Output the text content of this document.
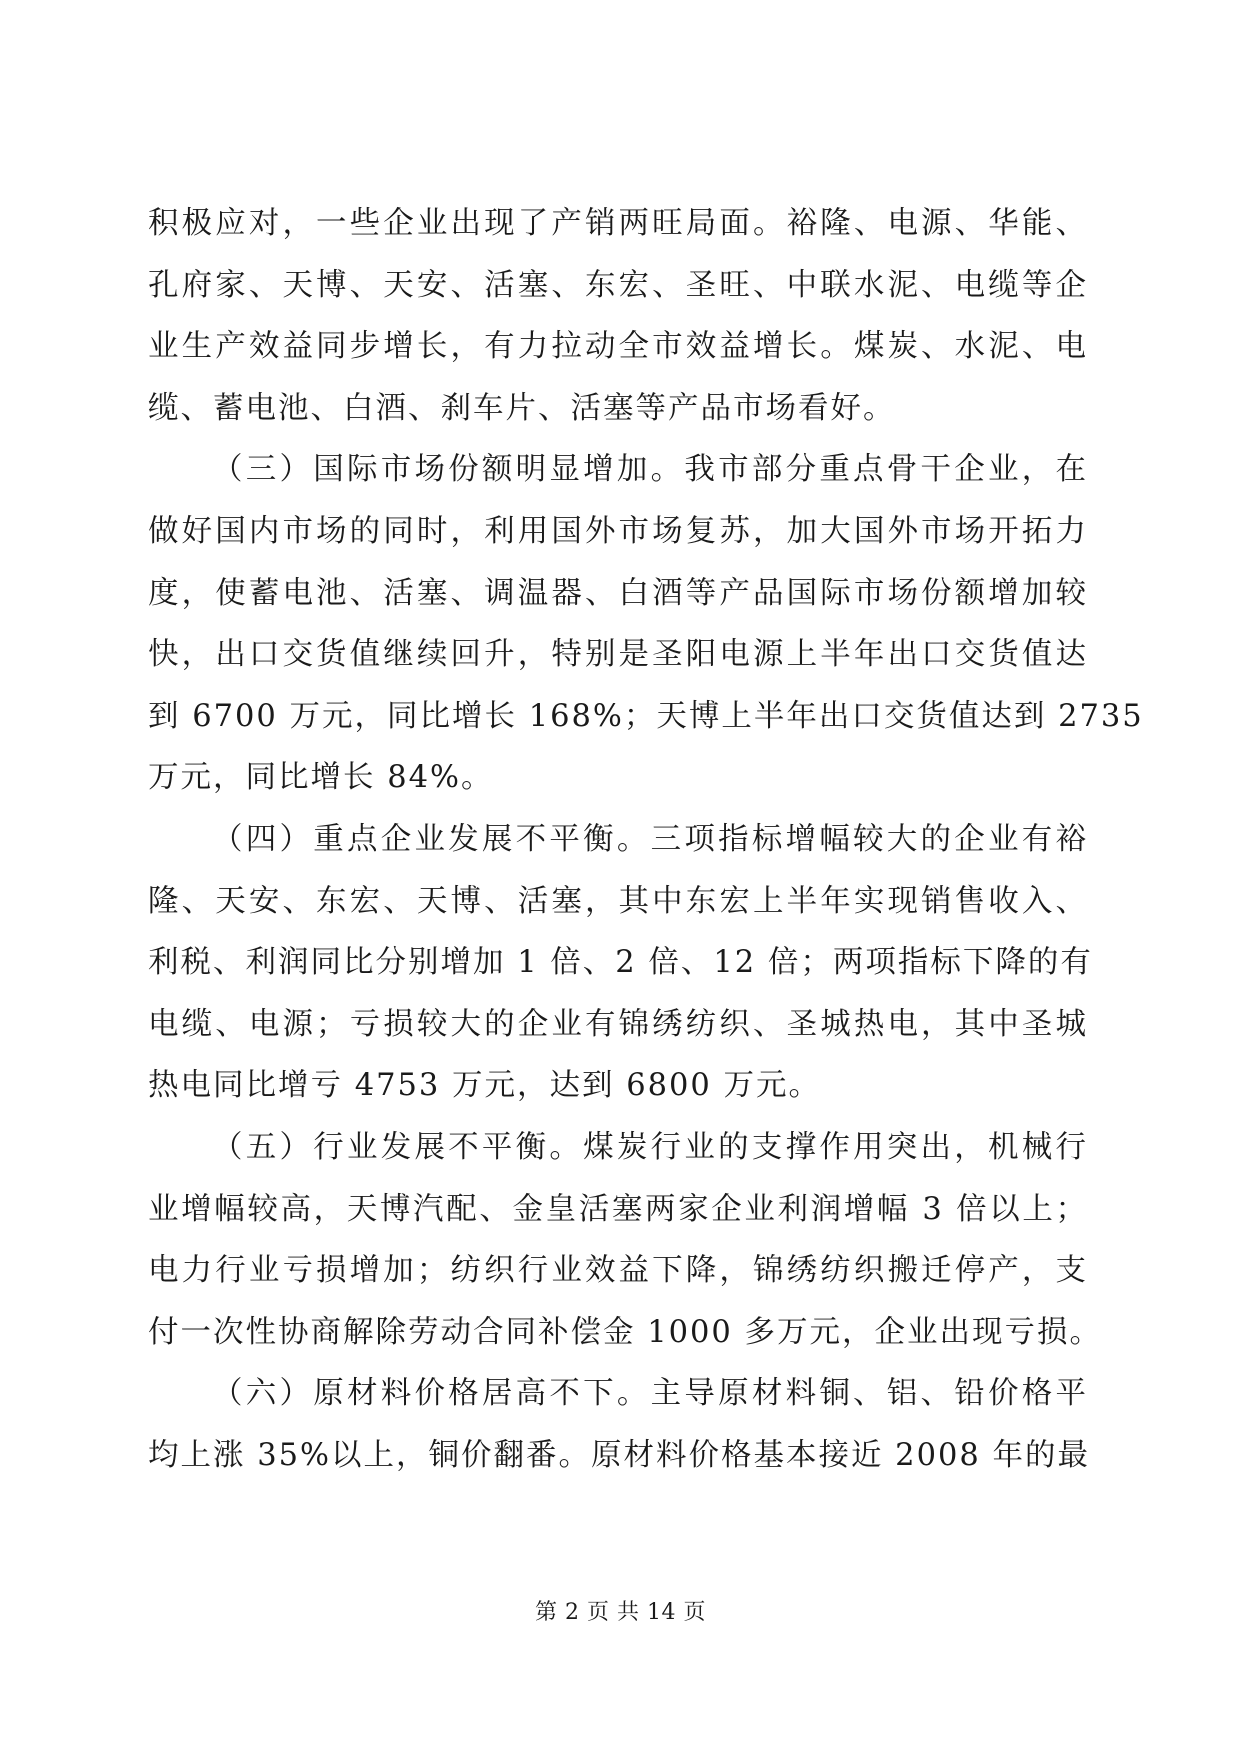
积极应对，一些企业出现了产销两旺局面。裕隆、电源、华能、
孔府家、天博、天安、活塞、东宏、圣旺、中联水泥、电缆等企
业生产效益同步增长，有力拉动全市效益增长。煤炭、水泥、电
缆、蓄电池、白酒、刹车片、活塞等产品市场看好。
（三）国际市场份额明显增加。我市部分重点骨干企业，在
做好国内市场的同时，利用国外市场复苏，加大国外市场开拓力
度，使蓄电池、活塞、调温器、白酒等产品国际市场份额增加较
快，出口交货值继续回升，特别是圣阳电源上半年出口交货值达
到 6700 万元，同比增长 168%；天博上半年出口交货值达到 2735
万元，同比增长 84%。
（四）重点企业发展不平衡。三项指标增幅较大的企业有裕
隆、天安、东宏、天博、活塞，其中东宏上半年实现销售收入、
利税、利润同比分别增加 1 倍、2 倍、12 倍；两项指标下降的有
电缆、电源；亏损较大的企业有锦绣纺织、圣城热电，其中圣城
热电同比增亏 4753 万元，达到 6800 万元。
（五）行业发展不平衡。煤炭行业的支撑作用突出，机械行
业增幅较高，天博汽配、金皇活塞两家企业利润增幅 3 倍以上；
电力行业亏损增加；纺织行业效益下降，锦绣纺织搬迁停产，支
付一次性协商解除劳动合同补偿金 1000 多万元，企业出现亏损。
（六）原材料价格居高不下。主导原材料铜、铝、铅价格平
均上涨 35%以上，铜价翻番。原材料价格基本接近 2008 年的最
第 2 页 共 14 页
